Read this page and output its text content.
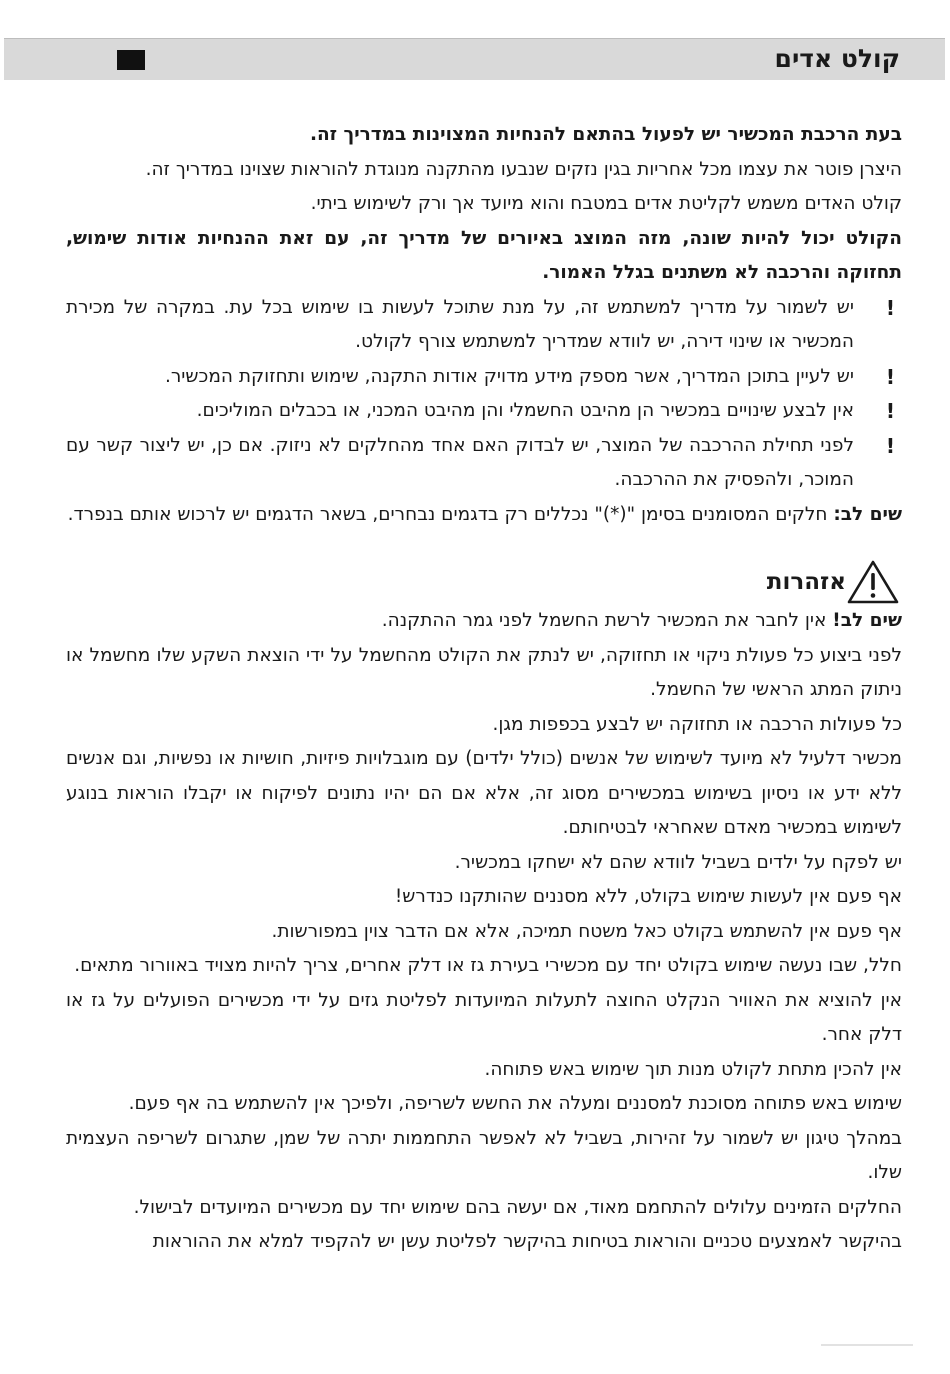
קולט אדים

בעת הרכבת המכשיר יש לפעול בהתאם להנחיות המצוינות במדריך זה.

היצרן פוטר את עצמו מכל אחריות בגין נזקים שנבעו מהתקנה מנוגדת להוראות שצוינו במדריך זה.

קולט האדים משמש לקליטת אדים במטבח והוא מיועד אך ורק לשימוש ביתי.

הקולט יכול להיות שונה, מזה המוצג באיורים של מדריך זה, עם זאת ההנחיות אודות שימוש, תחזוקה והרכבה לא משתנים בגלל האמור.

!
יש לשמור על מדריך למשתמש זה, על מנת שתוכל לעשות בו שימוש בכל עת. במקרה של מכירת המכשיר או שינוי דירה, יש לוודא שמדריך למשתמש צורף לקולט.
!
יש לעיין בתוכן המדריך, אשר מספק מידע מדויק אודות התקנה, שימוש ותחזוקת המכשיר.
!
אין לבצע שינויים במכשיר הן מהיבט החשמלי והן מהיבט המכני, או בכבלים המוליכים.
!
לפני תחילת ההרכבה של המוצר, יש לבדוק האם אחד מהחלקים לא ניזוק. אם כן, יש ליצור קשר עם המוכר, ולהפסיק את ההרכבה.

שים לב: חלקים המסומנים בסימן "(*)" נכללים רק בדגמים נבחרים, בשאר הדגמים יש לרכוש אותם בנפרד.

אזהרות

שים לב! אין לחבר את המכשיר לרשת החשמל לפני גמר ההתקנה.

לפני ביצוע כל פעולת ניקוי או תחזוקה, יש לנתק את הקולט מהחשמל על ידי הוצאת השקע שלו מחשמל או ניתוק המתג הראשי של החשמל.

כל פעולות הרכבה או תחזוקה יש לבצע בכפפות מגן.

מכשיר דלעיל לא מיועד לשימוש של אנשים (כולל ילדים) עם מוגבלויות פיזיות, חושיות או נפשיות, וגם אנשים ללא ידע או ניסיון בשימוש במכשירים מסוג זה, אלא אם הם יהיו נתונים לפיקוח או יקבלו הוראות בנוגע לשימוש במכשיר מאדם שאחראי לבטיחותם.

יש לפקח על ילדים בשביל לוודא שהם לא ישחקו במכשיר.

אף פעם אין לעשות שימוש בקולט, ללא מסננים שהותקנו כנדרש!

אף פעם אין להשתמש בקולט כאל משטח תמיכה, אלא אם הדבר צוין במפורשות.

חלל, שבו נעשה שימוש בקולט יחד עם מכשירי בעירת גז או דלק אחרים, צריך להיות מצויד באוורור מתאים.

אין להוציא את האוויר הנקלט החוצה לתעלות המיועדות לפליטת גזים על ידי מכשירים הפועלים על גז או דלק אחר.

אין להכין מתחת לקולט מנות תוך שימוש באש פתוחה.

שימוש באש פתוחה מסוכנת למסננים ומעלה את החשש לשריפה, ולפיכך אין להשתמש בה אף פעם.

במהלך טיגון יש לשמור על זהירות, בשביל לא לאפשר התחממות יתרה של שמן, שתגרום לשריפה העצמית שלו.

החלקים הזמינים עלולים להתחמם מאוד, אם יעשה בהם שימוש יחד עם מכשירים המיועדים לבישול.

בהיקשר לאמצעים טכניים והוראות בטיחות בהיקשר לפליטת עשן יש להקפיד למלא את ההוראות
